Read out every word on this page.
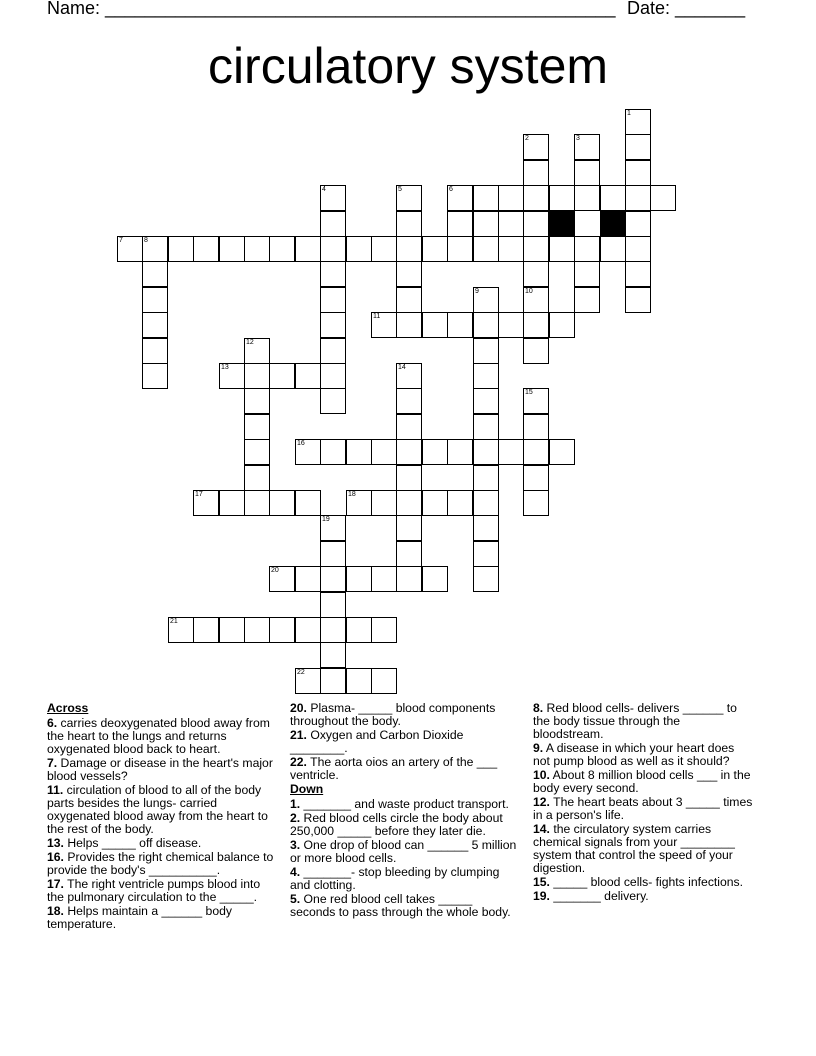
Name: ___________________________________________________ Date: _______
circulatory system
1
2	3
4	5	6
7	8
9	10
11
12
13	14
15
16
17	18
19
20
21
22
Across
6. carries deoxygenated blood away from the heart to the lungs and returns oxygenated blood back to heart.
7. Damage or disease in the heart's major blood vessels?
11. circulation of blood to all of the body parts besides the lungs- carried oxygenated blood away from the heart to the rest of the body.
13. Helps _____ off disease.
16. Provides the right chemical balance to provide the body's __________.
17. The right ventricle pumps blood into the pulmonary circulation to the _____.
18. Helps maintain a ______ body temperature.
20. Plasma- _____ blood components throughout the body.
21. Oxygen and Carbon Dioxide ________.
22. The aorta oios an artery of the ___ ventricle.
Down
1. _______ and waste product transport.
2. Red blood cells circle the body about 250,000 _____ before they later die.
3. One drop of blood can ______ 5 million or more blood cells.
4. _______- stop bleeding by clumping and clotting.
5. One red blood cell takes _____ seconds to pass through the whole body.
8. Red blood cells- delivers ______ to the body tissue through the bloodstream.
9. A disease in which your heart does not pump blood as well as it should?
10. About 8 million blood cells ___ in the body every second.
12. The heart beats about 3 _____ times in a person's life.
14. the circulatory system carries chemical signals from your ________ system that control the speed of your digestion.
15. _____ blood cells- fights infections.
19. _______ delivery.
